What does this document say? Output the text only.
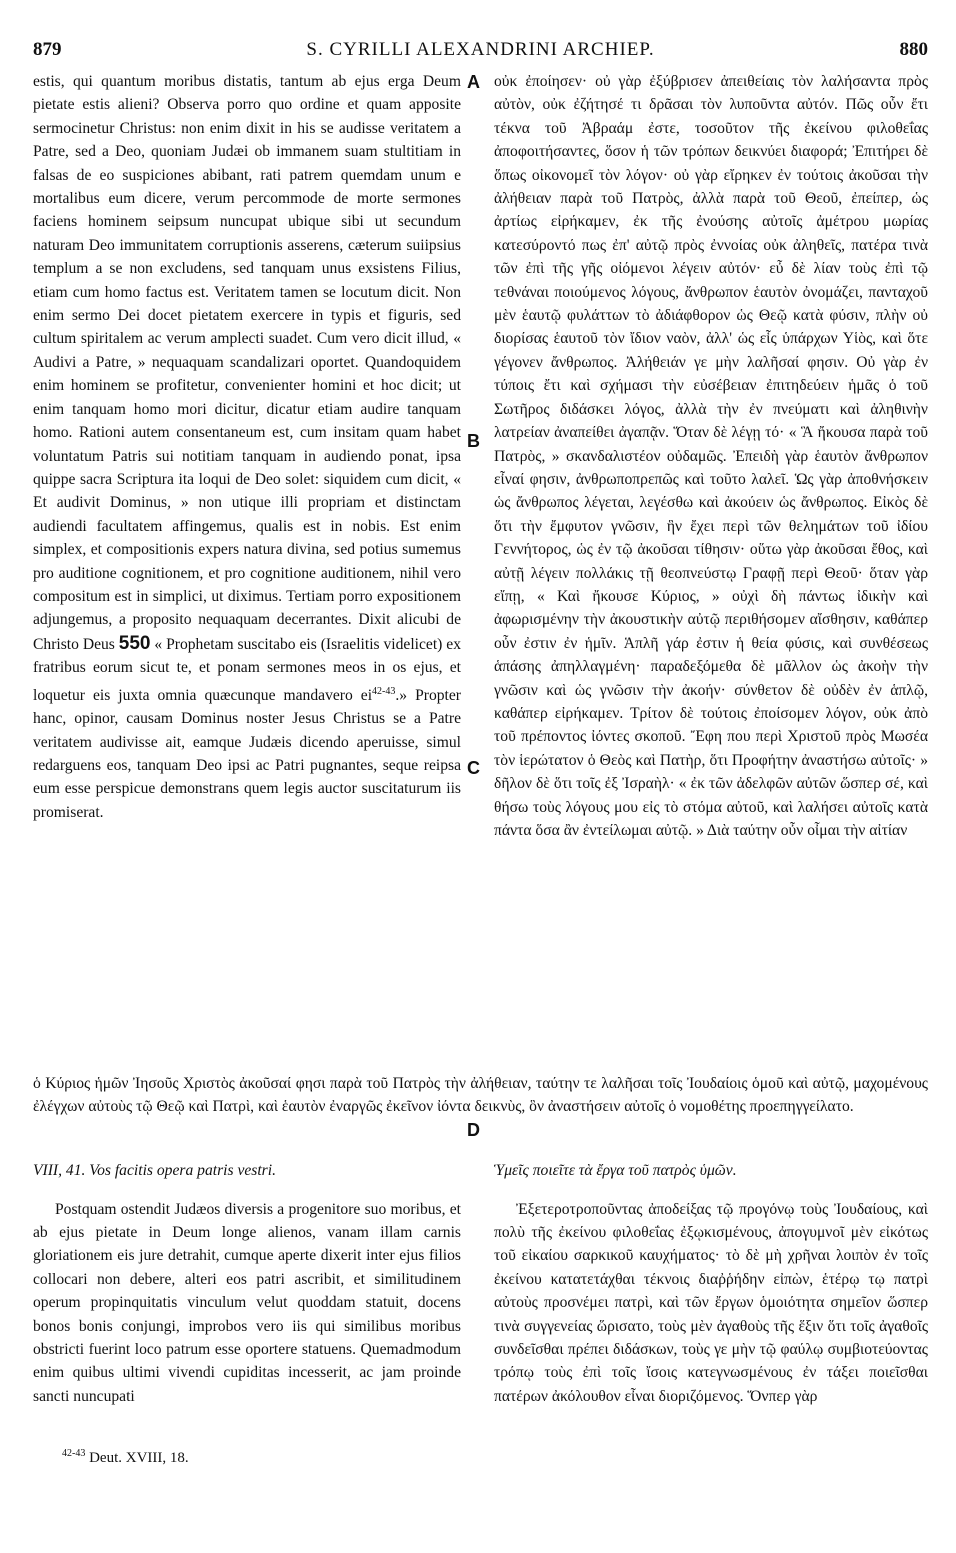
879	S. CYRILLI ALEXANDRINI ARCHIEP.	880

estis, qui quantum moribus distatis, tantum ab ejus erga Deum pietate estis alieni? Observa porro quo ordine et quam apposite sermocinetur Christus: non enim dixit in his se audisse veritatem a Patre, sed a Deo, quoniam Judæi ob immanem suam stultitiam in falsas de eo suspiciones abibant, rati patrem quemdam unum e mortalibus eum dicere, verum percommode de morte sermones faciens hominem seipsum nuncupat ubique sibi ut secundum naturam Deo immunitatem corruptionis asserens, cæterum suiipsius templum a se non excludens, sed tanquam unus exsistens Filius, etiam cum homo factus est. Veritatem tamen se locutum dicit. Non enim sermo Dei docet pietatem exercere in typis et figuris, sed cultum spiritalem ac verum amplecti suadet. Cum vero dicit illud, « Audivi a Patre, » nequaquam scandalizari oportet. Quandoquidem enim hominem se profitetur, convenienter homini et hoc dicit; ut enim tanquam homo mori dicitur, dicatur etiam audire tanquam homo. Rationi autem consentaneum est, cum insitam quam habet voluntatum Patris sui notitiam tanquam in audiendo ponat, ipsa quippe sacra Scriptura ita loqui de Deo solet: siquidem cum dicit, « Et audivit Dominus, » non utique illi propriam et distinctam audiendi facultatem affingemus, qualis est in nobis. Est enim simplex, et compositionis expers natura divina, sed potius sumemus pro auditione cognitionem, et pro cognitione auditionem, nihil vero compositum est in simplici, ut diximus. Tertiam porro expositionem adjungemus, a proposito nequaquam decerrantes. Dixit alicubi de Christo Deus 550 « Prophetam suscitabo eis (Israelitis videlicet) ex fratribus eorum sicut te, et ponam sermones meos in os ejus, et loquetur eis juxta omnia quæcunque mandavero ei$^{42-43}$.» Propter hanc, opinor, causam Dominus noster Jesus Christus se a Patre veritatem audivisse ait, eamque Judæis dicendo aperuisse, simul redarguens eos, tanquam Deo ipsi ac Patri pugnantes, seque reipsa eum esse perspicue demonstrans quem legis auctor suscitaturum iis promiserat.

οὐκ ἐποίησεν· οὐ γὰρ ἐξύβρισεν ἀπειθείαις τὸν λαλήσαντα πρὸς αὐτὸν, οὐκ ἐζήτησέ τι δρᾶσαι τὸν λυποῦντα αὐτόν. Πῶς οὖν ἔτι τέκνα τοῦ Ἀβραάμ ἐστε, τοσοῦτον τῆς ἐκείνου φιλοθεΐας ἀποφοιτήσαντες, ὅσον ἡ τῶν τρόπων δεικνύει διαφορά; Ἐπιτήρει δὲ ὅπως οἰκονομεῖ τὸν λόγον· οὐ γὰρ εἴρηκεν ἐν τούτοις ἀκοῦσαι τὴν ἀλήθειαν παρὰ τοῦ Πατρὸς, ἀλλὰ παρὰ τοῦ Θεοῦ, ἐπείπερ, ὡς ἀρτίως εἰρήκαμεν, ἐκ τῆς ἐνούσης αὐτοῖς ἀμέτρου μωρίας κατεσύροντό πως ἐπ' αὐτῷ πρὸς ἐννοίας οὐκ ἀληθεῖς, πατέρα τινὰ τῶν ἐπὶ τῆς γῆς οἰόμενοι λέγειν αὐτόν· εὖ δὲ λίαν τοὺς ἐπὶ τῷ τεθνάναι ποιούμενος λόγους, ἄνθρωπον ἑαυτὸν ὀνομάζει, πανταχοῦ μὲν ἑαυτῷ φυλάττων τὸ ἀδιάφθορον ὡς Θεῷ κατὰ φύσιν, πλὴν οὐ διορίσας ἑαυτοῦ τὸν ἴδιον ναὸν, ἀλλ' ὡς εἷς ὑπάρχων Υἱὸς, καὶ ὅτε γέγονεν ἄνθρωπος. Ἀλήθειάν γε μὴν λαλῆσαί φησιν. Οὐ γὰρ ἐν τύποις ἔτι καὶ σχήμασι τὴν εὐσέβειαν ἐπιτηδεύειν ἡμᾶς ὁ τοῦ Σωτῆρος διδάσκει λόγος, ἀλλὰ τὴν ἐν πνεύματι καὶ ἀληθινὴν λατρείαν ἀναπείθει ἀγαπᾷν. Ὅταν δὲ λέγῃ τό· « Ἃ ἤκουσα παρὰ τοῦ Πατρὸς, » σκανδαλιστέον οὐδαμῶς. Ἐπειδὴ γὰρ ἑαυτὸν ἄνθρωπον εἶναί φησιν, ἀνθρωποπρεπῶς καὶ τοῦτο λαλεῖ. Ὡς γὰρ ἀποθνήσκειν ὡς ἄνθρωπος λέγεται, λεγέσθω καὶ ἀκούειν ὡς ἄνθρωπος. Εἰκὸς δὲ ὅτι τὴν ἔμφυτον γνῶσιν, ἣν ἔχει περὶ τῶν θελημάτων τοῦ ἰδίου Γεννήτορος, ὡς ἐν τῷ ἀκοῦσαι τίθησιν· οὕτω γὰρ ἀκοῦσαι ἔθος, καὶ αὐτῇ λέγειν πολλάκις τῇ θεοπνεύστῳ Γραφῇ περὶ Θεοῦ· ὅταν γὰρ εἴπῃ, « Καὶ ἤκουσε Κύριος, » οὐχὶ δὴ πάντως ἰδικὴν καὶ ἀφωρισμένην τὴν ἀκουστικὴν αὐτῷ περιθήσομεν αἴσθησιν, καθάπερ οὖν ἐστιν ἐν ἡμῖν. Ἁπλῆ γάρ ἐστιν ἡ θεία φύσις, καὶ συνθέσεως ἁπάσης ἀπηλλαγμένη· παραδεξόμεθα δὲ μᾶλλον ὡς ἀκοὴν τὴν γνῶσιν καὶ ὡς γνῶσιν τὴν ἀκοήν· σύνθετον δὲ οὐδὲν ἐν ἁπλῷ, καθάπερ εἰρήκαμεν. Τρίτον δὲ τούτοις ἐποίσομεν λόγον, οὐκ ἀπὸ τοῦ πρέποντος ἰόντες σκοποῦ. Ἔφη που περὶ Χριστοῦ πρὸς Μωσέα τὸν ἱερώτατον ὁ Θεὸς καὶ Πατὴρ, ὅτι Προφήτην ἀναστήσω αὐτοῖς· » δῆλον δὲ ὅτι τοῖς ἐξ Ἰσραὴλ· « ἐκ τῶν ἀδελφῶν αὐτῶν ὥσπερ σέ, καὶ θήσω τοὺς λόγους μου εἰς τὸ στόμα αὐτοῦ, καὶ λαλήσει αὐτοῖς κατὰ πάντα ὅσα ἂν ἐντείλωμαι αὐτῷ. » Διὰ ταύτην οὖν οἶμαι τὴν αἰτίαν

A
B
C
D
ὁ Κύριος ἡμῶν Ἰησοῦς Χριστὸς ἀκοῦσαί φησι παρὰ τοῦ Πατρὸς τὴν ἀλήθειαν, ταύτην τε λαλῆσαι τοῖς Ἰουδαίοις ὁμοῦ καὶ αὐτῷ, μαχομένους ἐλέγχων αὐτοὺς τῷ Θεῷ καὶ Πατρὶ, καὶ ἑαυτὸν ἐναργῶς ἐκεῖνον ἰόντα δεικνὺς, ὃν ἀναστήσειν αὐτοῖς ὁ νομοθέτης προεπηγγείλατο.

VIII, 41. Vos facitis opera patris vestri.

Postquam ostendit Judæos diversis a progenitore suo moribus, et ab ejus pietate in Deum longe alienos, vanam illam carnis gloriationem eis jure detrahit, cumque aperte dixerit inter ejus filios collocari non debere, alteri eos patri ascribit, et similitudinem operum propinquitatis vinculum velut quoddam statuit, docens bonos bonis conjungi, improbos vero iis qui similibus moribus obstricti fuerint loco patrum esse oportere statuens. Quemadmodum enim quibus ultimi vivendi cupiditas incesserit, ac jam proinde sancti nuncupati

Ὑμεῖς ποιεῖτε τὰ ἔργα τοῦ πατρὸς ὑμῶν.

Ἐξετεροτροποῦντας ἀποδείξας τῷ προγόνῳ τοὺς Ἰουδαίους, καὶ πολὺ τῆς ἐκείνου φιλοθεΐας ἐξῳκισμένους, ἀπογυμνοῖ μὲν εἰκότως τοῦ εἰκαίου σαρκικοῦ καυχήματος· τὸ δὲ μὴ χρῆναι λοιπὸν ἐν τοῖς ἐκείνου κατατετάχθαι τέκνοις διαῤῥήδην εἰπὼν, ἑτέρῳ τῳ πατρὶ αὐτοὺς προσνέμει πατρὶ, καὶ τῶν ἔργων ὁμοιότητα σημεῖον ὥσπερ τινὰ συγγενείας ὥρισατο, τοὺς μὲν ἀγαθοὺς τῆς ἕξιν ὅτι τοῖς ἀγαθοῖς συνδεῖσθαι πρέπει διδάσκων, τοὺς γε μὴν τῷ φαύλῳ συμβιοτεύοντας τρόπῳ τοὺς ἐπὶ τοῖς ἴσοις κατεγνωσμένους ἐν τάξει ποιεῖσθαι πατέρων ἀκόλουθον εἶναι διοριζόμενος. Ὅνπερ γὰρ

$^{42-43}$ Deut. XVIII, 18.
